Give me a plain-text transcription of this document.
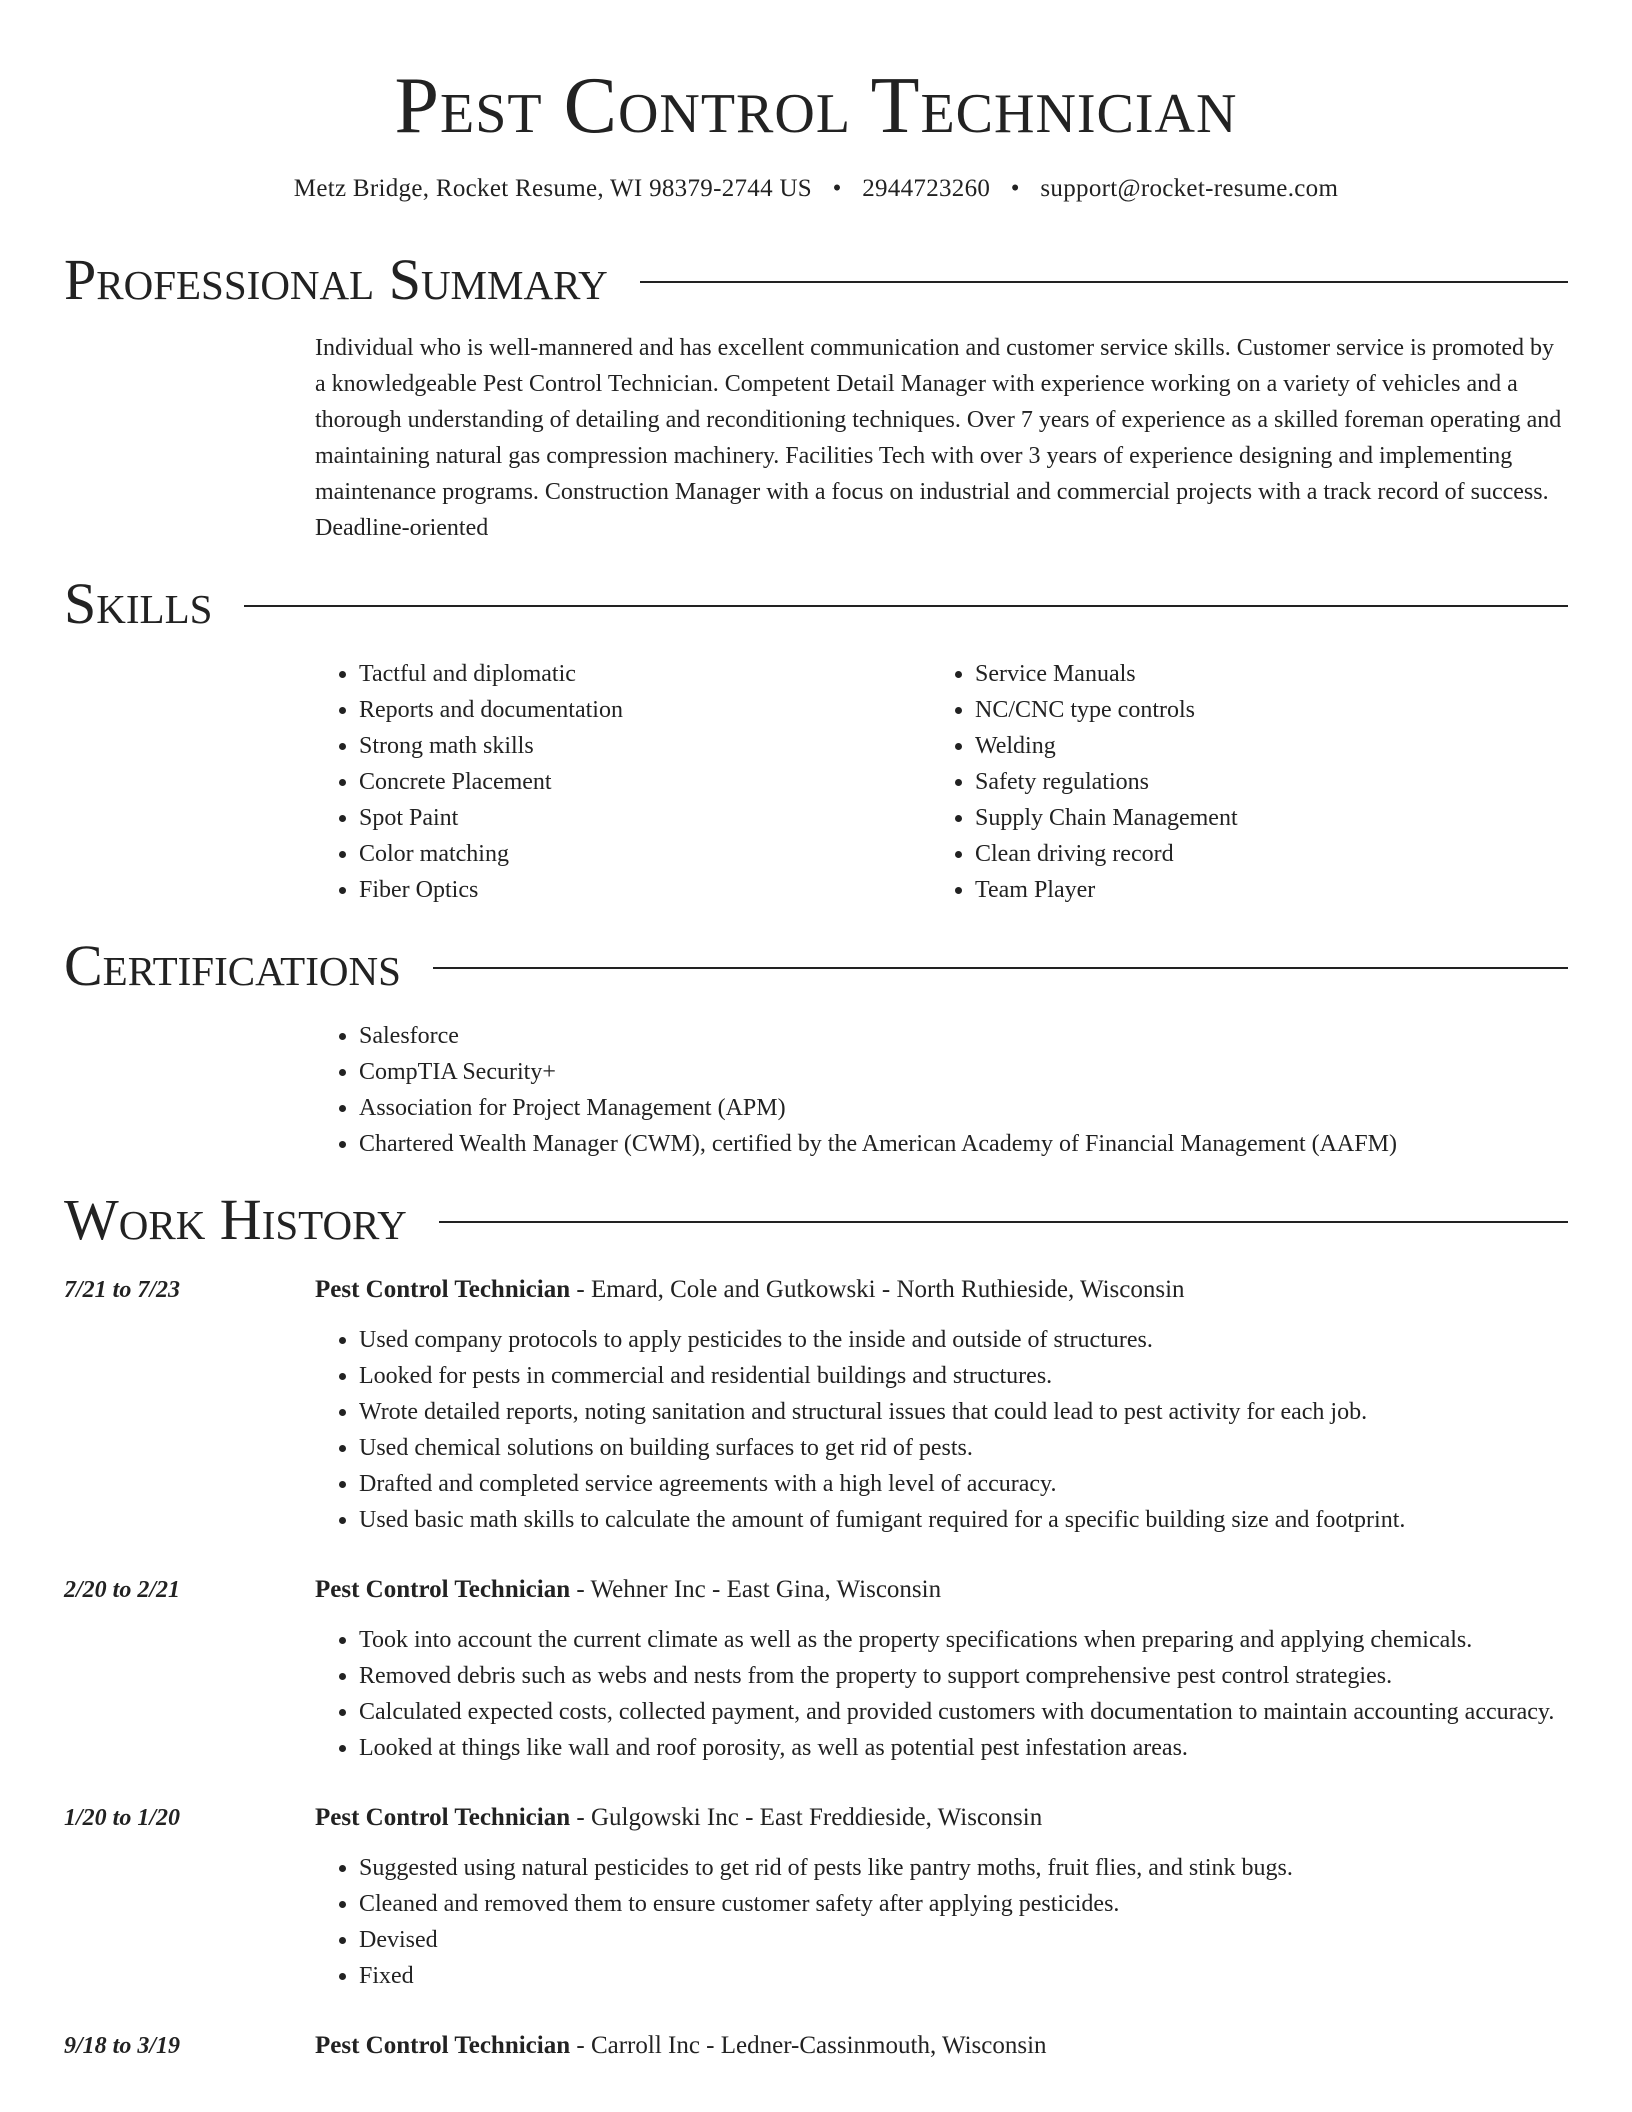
Pest Control Technician
Metz Bridge, Rocket Resume, WI 98379-2744 US • 2944723260 • support@rocket-resume.com
Professional Summary
Individual who is well-mannered and has excellent communication and customer service skills. Customer service is promoted by a knowledgeable Pest Control Technician. Competent Detail Manager with experience working on a variety of vehicles and a thorough understanding of detailing and reconditioning techniques. Over 7 years of experience as a skilled foreman operating and maintaining natural gas compression machinery. Facilities Tech with over 3 years of experience designing and implementing maintenance programs. Construction Manager with a focus on industrial and commercial projects with a track record of success. Deadline-oriented
Skills
• Tactful and diplomatic
• Reports and documentation
• Strong math skills
• Concrete Placement
• Spot Paint
• Color matching
• Fiber Optics
• Service Manuals
• NC/CNC type controls
• Welding
• Safety regulations
• Supply Chain Management
• Clean driving record
• Team Player
Certifications
• Salesforce
• CompTIA Security+
• Association for Project Management (APM)
• Chartered Wealth Manager (CWM), certified by the American Academy of Financial Management (AAFM)
Work History
7/21 to 7/23	Pest Control Technician - Emard, Cole and Gutkowski - North Ruthieside, Wisconsin
• Used company protocols to apply pesticides to the inside and outside of structures.
• Looked for pests in commercial and residential buildings and structures.
• Wrote detailed reports, noting sanitation and structural issues that could lead to pest activity for each job.
• Used chemical solutions on building surfaces to get rid of pests.
• Drafted and completed service agreements with a high level of accuracy.
• Used basic math skills to calculate the amount of fumigant required for a specific building size and footprint.
2/20 to 2/21	Pest Control Technician - Wehner Inc - East Gina, Wisconsin
• Took into account the current climate as well as the property specifications when preparing and applying chemicals.
• Removed debris such as webs and nests from the property to support comprehensive pest control strategies.
• Calculated expected costs, collected payment, and provided customers with documentation to maintain accounting accuracy.
• Looked at things like wall and roof porosity, as well as potential pest infestation areas.
1/20 to 1/20	Pest Control Technician - Gulgowski Inc - East Freddieside, Wisconsin
• Suggested using natural pesticides to get rid of pests like pantry moths, fruit flies, and stink bugs.
• Cleaned and removed them to ensure customer safety after applying pesticides.
• Devised
• Fixed
9/18 to 3/19	Pest Control Technician - Carroll Inc - Ledner-Cassinmouth, Wisconsin
